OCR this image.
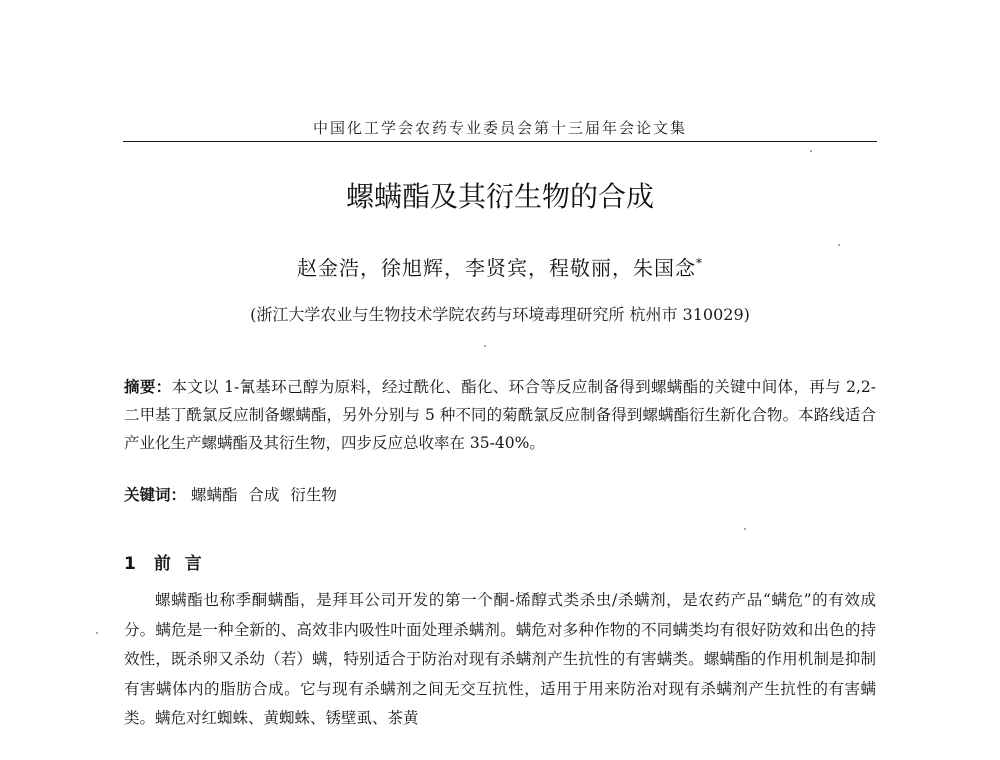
中国化工学会农药专业委员会第十三届年会论文集
螺螨酯及其衍生物的合成
赵金浩，徐旭辉，李贤宾，程敬丽，朱国念*
(浙江大学农业与生物技术学院农药与环境毒理研究所 杭州市 310029)
摘要：本文以 1-氰基环己醇为原料，经过酰化、酯化、环合等反应制备得到螺螨酯的关键中间体，再与 2,2-二甲基丁酰氯反应制备螺螨酯，另外分别与 5 种不同的菊酰氯反应制备得到螺螨酯衍生新化合物。本路线适合产业化生产螺螨酯及其衍生物，四步反应总收率在 35-40%。
关键词： 螺螨酯 合成 衍生物
1 前 言

螺螨酯也称季酮螨酯，是拜耳公司开发的第一个酮-烯醇式类杀虫/杀螨剂，是农药产品“螨危”的有效成分。螨危是一种全新的、高效非内吸性叶面处理杀螨剂。螨危对多种作物的不同螨类均有很好防效和出色的持效性，既杀卵又杀幼（若）螨，特别适合于防治对现有杀螨剂产生抗性的有害螨类。螺螨酯的作用机制是抑制有害螨体内的脂肪合成。它与现有杀螨剂之间无交互抗性，适用于用来防治对现有杀螨剂产生抗性的有害螨类。螨危对红蜘蛛、黄蜘蛛、锈壁虱、茶黄
